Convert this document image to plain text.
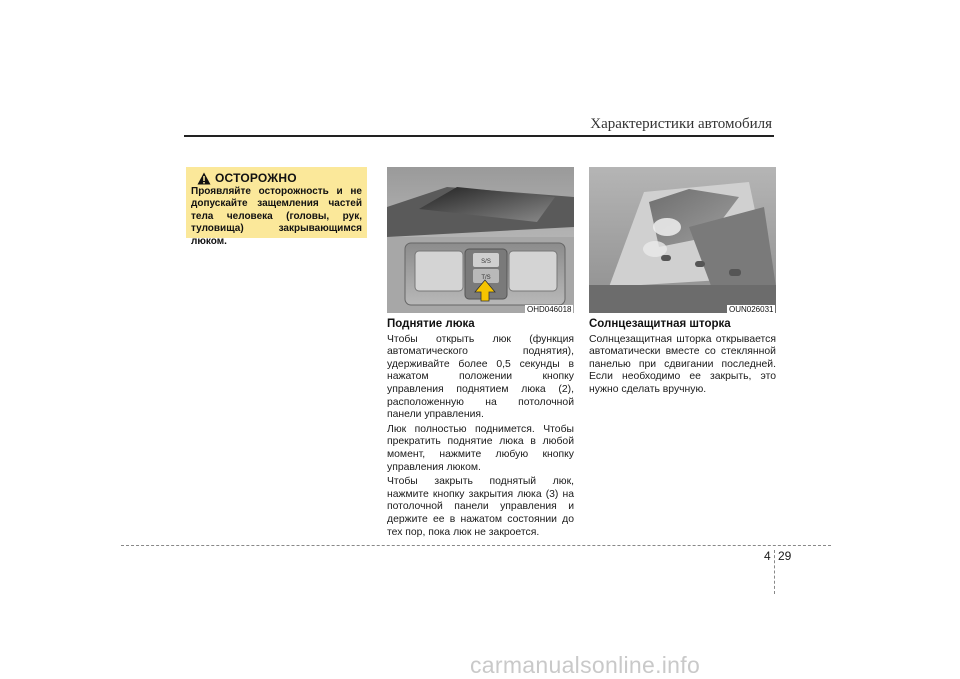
Характеристики автомобиля
ОСТОРОЖНО
Проявляйте осторожность и не допускайте защемления частей тела человека (головы, рук, туловища) закрывающимся люком.
S/S
T/S
OHD046018	OUN026031
Поднятие люка

Чтобы открыть люк (функция автоматического поднятия), удерживайте более 0,5 секунды в нажатом положении кнопку управления поднятием люка (2), расположенную на потолочной панели управления.

Люк полностью поднимется. Чтобы прекратить поднятие люка в любой момент, нажмите любую кнопку управления люком.

Чтобы закрыть поднятый люк, нажмите кнопку закрытия люка (3) на потолочной панели управления и держите ее в нажатом состоянии до тех пор, пока люк не закроется.

Солнцезащитная шторка

Солнцезащитная шторка открывается автоматически вместе со стеклянной панелью при сдвигании последней. Если необходимо ее закрыть, это нужно сделать вручную.

4 29
carmanualsonline.info
